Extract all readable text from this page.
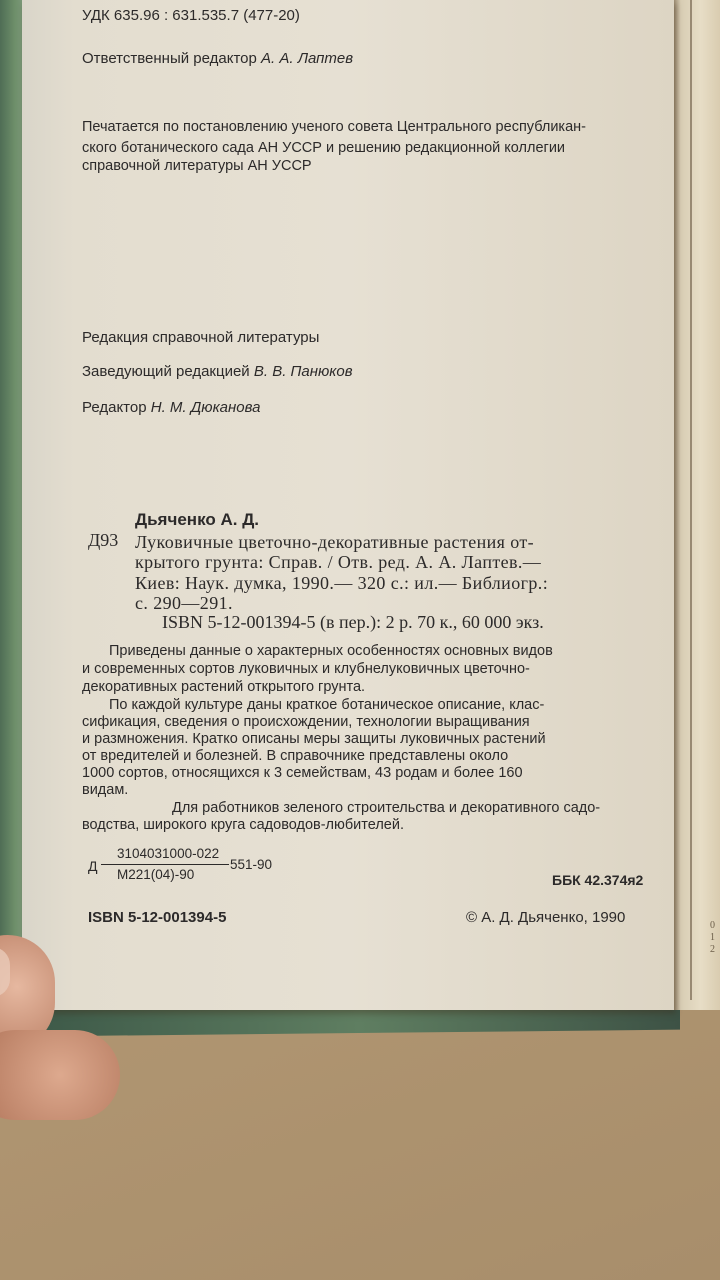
0 1 2

УДК 635.96 : 631.535.7 (477-20)

Ответственный редактор А. А. Лаптев

Печатается по постановлению ученого совета Центрального республикан-

ского ботанического сада АН УССР и решению редакционной коллегии

справочной литературы АН УССР

Редакция справочной литературы

Заведующий редакцией В. В. Панюков

Редактор Н. М. Дюканова

Дьяченко А. Д.

Д93 Луковичные цветочно-декоративные растения от-

крытого грунта: Справ. / Отв. ред. А. А. Лаптев.—

Киев: Наук. думка, 1990.— 320 с.: ил.— Библиогр.:

с. 290—291.

ISBN 5-12-001394-5 (в пер.): 2 р. 70 к., 60 000 экз.

Приведены данные о характерных особенностях основных видов

и современных сортов луковичных и клубнелуковичных цветочно-

декоративных растений открытого грунта.

По каждой культуре даны краткое ботаническое описание, клас-

сификация, сведения о происхождении, технологии выращивания

и размножения. Кратко описаны меры защиты луковичных растений

от вредителей и болезней. В справочнике представлены около

1000 сортов, относящихся к 3 семействам, 43 родам и более 160

видам.

Для работников зеленого строительства и декоративного садо-

водства, широкого круга садоводов-любителей.

Д

3104031000-022

М221(04)-90

551-90

ББК 42.374я2

ISBN 5-12-001394-5	© А. Д. Дьяченко, 1990
